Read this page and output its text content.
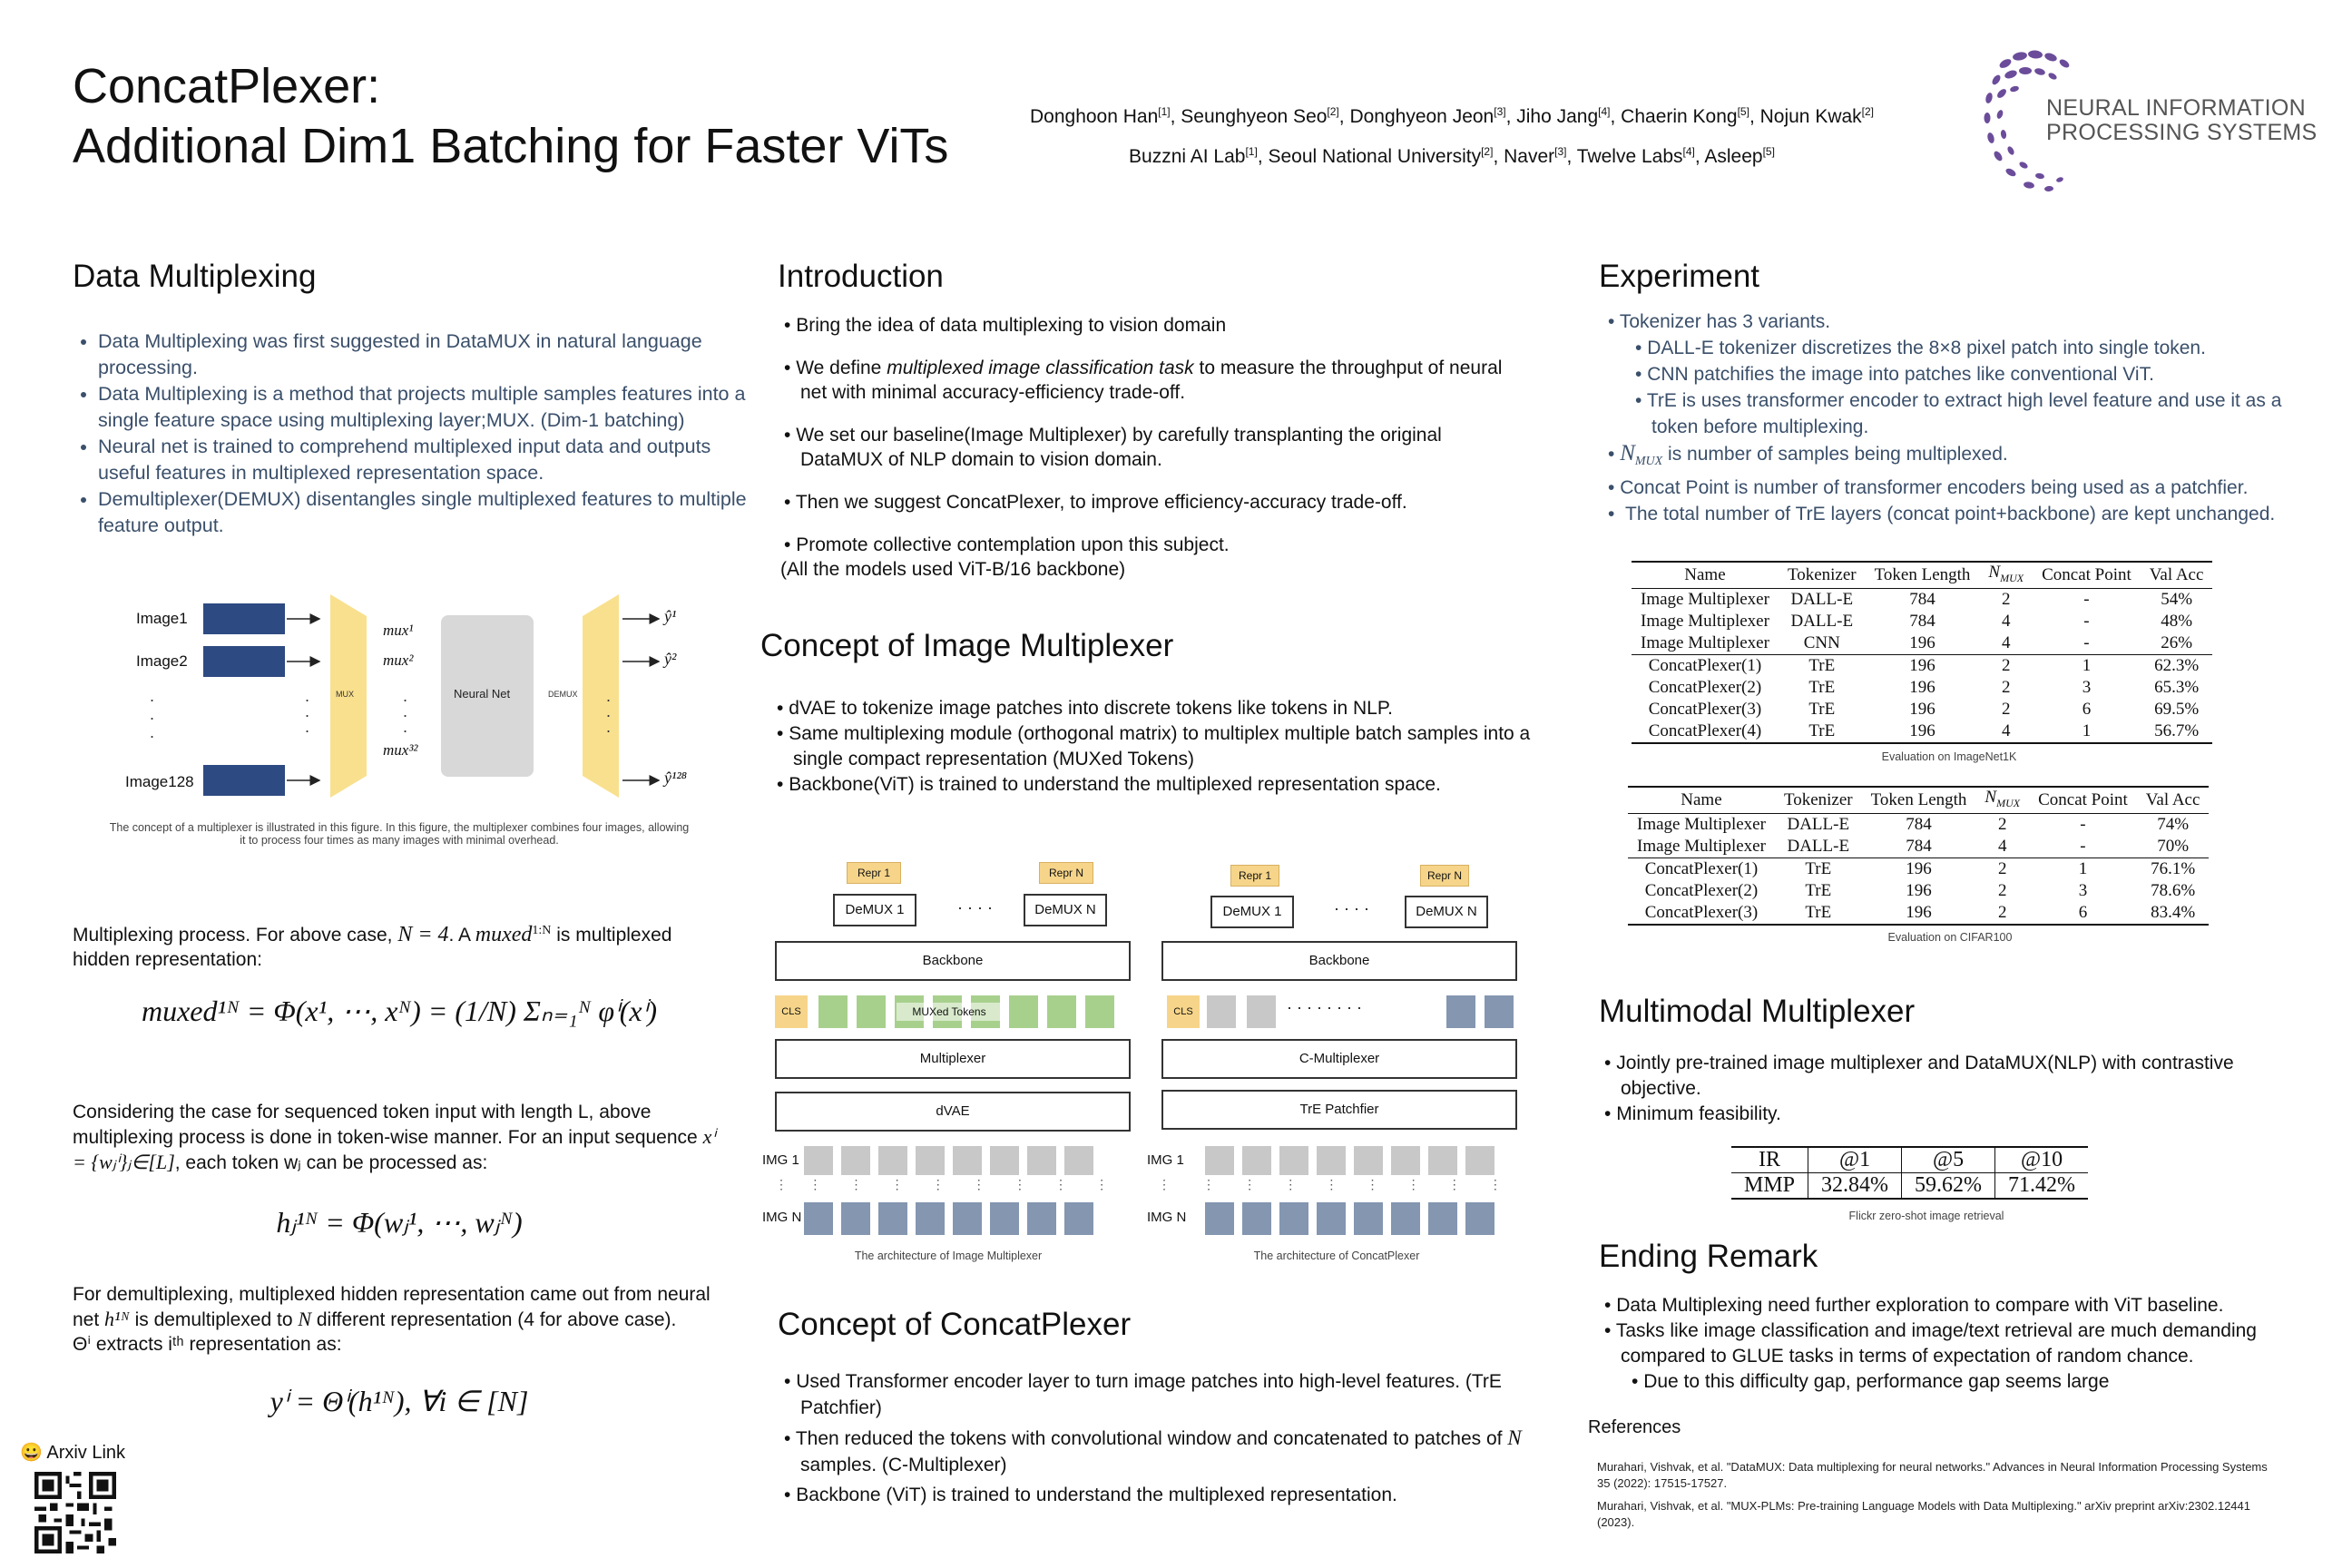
ConcatPlexer:
Additional Dim1 Batching for Faster ViTs
Donghoon Han[1], Seunghyeon Seo[2], Donghyeon Jeon[3], Jiho Jang[4], Chaerin Kong[5], Nojun Kwak[2]
Buzzni AI Lab[1], Seoul National University[2], Naver[3], Twelve Labs[4], Asleep[5]
NEURAL INFORMATION
PROCESSING SYSTEMS
Data Multiplexing
• Data Multiplexing was first suggested in DataMUX in natural language processing.
• Data Multiplexing is a method that projects multiple samples features into a single feature space using multiplexing layer;MUX. (Dim-1 batching)
• Neural net is trained to comprehend multiplexed input data and outputs useful features in multiplexed representation space.
• Demultiplexer(DEMUX) disentangles single multiplexed features to multiple feature output.
Image1
Image2
Image128
.
.
.
.
.
.
.
.
.
.
.
.
MUX	Neural Net	DEMUX
mux¹
mux²
mux³²
ŷ¹
ŷ²
ŷ¹²⁸
The concept of a multiplexer is illustrated in this figure. In this figure, the multiplexer combines four images, allowing it to process four times as many images with minimal overhead.
Multiplexing process. For above case, N = 4. A muxed$^{1:N}$ is multiplexed hidden representation:
muxed¹ᴺ = Φ(x¹, ⋯, xᴺ) = (1/N) Σₙ₌₁ᴺ φⁱ(xⁱ)
Considering the case for sequenced token input with length L, above multiplexing process is done in token-wise manner. For an input sequence xⁱ = {wⱼⁱ}ⱼ∈[L], each token wⱼ can be processed as:
hⱼ¹ᴺ = Φ(wⱼ¹, ⋯, wⱼᴺ)
For demultiplexing, multiplexed hidden representation came out from neural net h¹ᴺ is demultiplexed to N different representation (4 for above case).
Θⁱ extracts iᵗʰ representation as:
yⁱ = Θⁱ(h¹ᴺ), ∀i ∈ [N]
😀 Arxiv Link
Introduction
• Bring the idea of data multiplexing to vision domain
• We define multiplexed image classification task to measure the throughput of neural net with minimal accuracy-efficiency trade-off.
• We set our baseline(Image Multiplexer) by carefully transplanting the original DataMUX of NLP domain to vision domain.
• Then we suggest ConcatPlexer, to improve efficiency-accuracy trade-off.
• Promote collective contemplation upon this subject.
(All the models used ViT-B/16 backbone)
Concept of Image Multiplexer
• dVAE to tokenize image patches into discrete tokens like tokens in NLP.
• Same multiplexing module (orthogonal matrix) to multiplex multiple batch samples into a single compact representation (MUXed Tokens)
• Backbone(ViT) is trained to understand the multiplexed representation space.
Repr 1	Repr N
DeMUX 1	· · · ·	DeMUX N
Backbone
CLS	MUXed Tokens
Multiplexer
dVAE
IMG 1
IMG N
⋮      ⋮        ⋮        ⋮        ⋮        ⋮        ⋮        ⋮        ⋮
The architecture of Image Multiplexer
Repr 1	Repr N
DeMUX 1	· · · ·	DeMUX N
Backbone
CLS	· · · · · · · ·
C-Multiplexer
TrE Patchfier
IMG 1
IMG N
⋮         ⋮        ⋮        ⋮        ⋮        ⋮        ⋮        ⋮        ⋮
The architecture of ConcatPlexer
Concept of ConcatPlexer
• Used Transformer encoder layer to turn image patches into high-level features. (TrE Patchfier)
• Then reduced the tokens with convolutional window and concatenated to patches of N samples. (C-Multiplexer)
• Backbone (ViT) is trained to understand the multiplexed representation.
Experiment
• Tokenizer has 3 variants.
• DALL-E tokenizer discretizes the 8×8 pixel patch into single token.
• CNN patchifies the image into patches like conventional ViT.
• TrE is uses transformer encoder to extract high level feature and use it as a token before multiplexing.
• $N_{MUX}$ is number of samples being multiplexed.
• Concat Point is number of transformer encoders being used as a patchfier.
•  The total number of TrE layers (concat point+backbone) are kept unchanged.
Name	Tokenizer	Token Length	$N_{MUX}$	Concat Point	Val Acc
Image Multiplexer	DALL-E	784	2	-	54%
Image Multiplexer	DALL-E	784	4	-	48%
Image Multiplexer	CNN	196	4	-	26%
ConcatPlexer(1)	TrE	196	2	1	62.3%
ConcatPlexer(2)	TrE	196	2	3	65.3%
ConcatPlexer(3)	TrE	196	2	6	69.5%
ConcatPlexer(4)	TrE	196	4	1	56.7%
Evaluation on ImageNet1K
Name	Tokenizer	Token Length	$N_{MUX}$	Concat Point	Val Acc
Image Multiplexer	DALL-E	784	2	-	74%
Image Multiplexer	DALL-E	784	4	-	70%
ConcatPlexer(1)	TrE	196	2	1	76.1%
ConcatPlexer(2)	TrE	196	2	3	78.6%
ConcatPlexer(3)	TrE	196	2	6	83.4%
Evaluation on CIFAR100
Multimodal Multiplexer
• Jointly pre-trained image multiplexer and DataMUX(NLP) with contrastive objective.
• Minimum feasibility.
IR	@1	@5	@10
MMP	32.84%	59.62%	71.42%
Flickr zero-shot image retrieval
Ending Remark
• Data Multiplexing need further exploration to compare with ViT baseline.
• Tasks like image classification and image/text retrieval are much demanding compared to GLUE tasks in terms of expectation of random chance.
• Due to this difficulty gap, performance gap seems large
References
Murahari, Vishvak, et al. "DataMUX: Data multiplexing for neural networks." Advances in Neural Information Processing Systems 35 (2022): 17515-17527.
Murahari, Vishvak, et al. "MUX-PLMs: Pre-training Language Models with Data Multiplexing." arXiv preprint arXiv:2302.12441 (2023).
